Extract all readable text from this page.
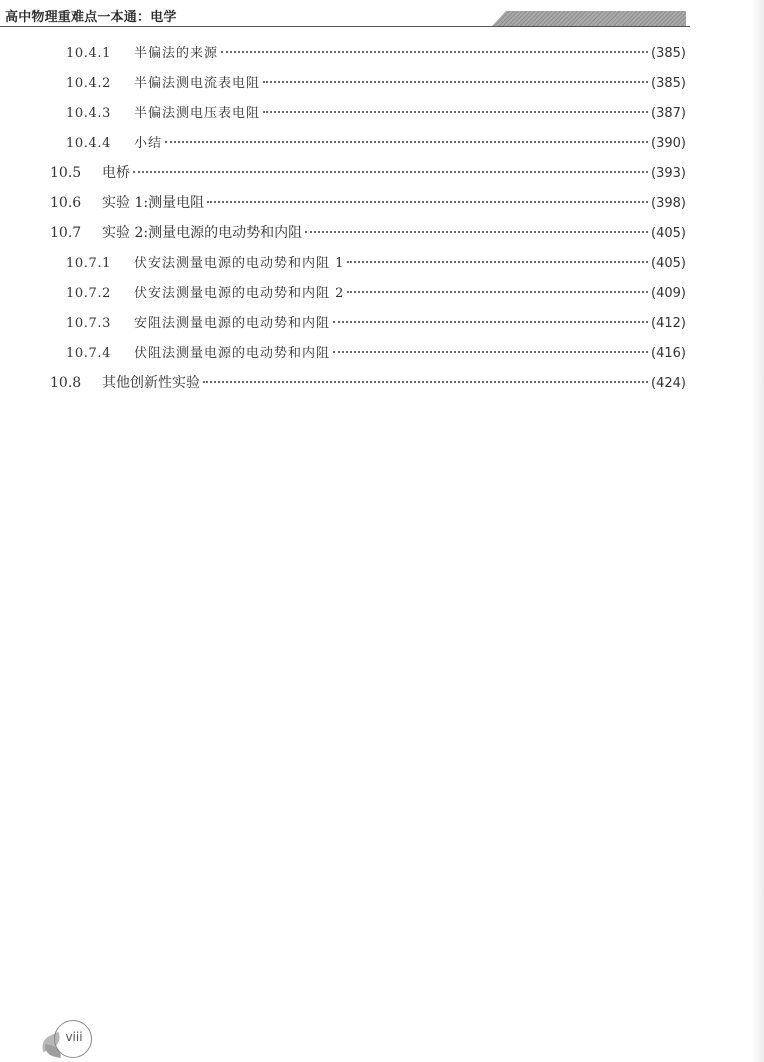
高中物理重难点一本通：电学
10.4.1	半偏法的来源	(385)
10.4.2	半偏法测电流表电阻	(385)
10.4.3	半偏法测电压表电阻	(387)
10.4.4	小结	(390)
10.5	电桥	(393)
10.6	实验 1:测量电阻	(398)
10.7	实验 2:测量电源的电动势和内阻	(405)
10.7.1	伏安法测量电源的电动势和内阻 1	(405)
10.7.2	伏安法测量电源的电动势和内阻 2	(409)
10.7.3	安阻法测量电源的电动势和内阻	(412)
10.7.4	伏阻法测量电源的电动势和内阻	(416)
10.8	其他创新性实验	(424)
viii
